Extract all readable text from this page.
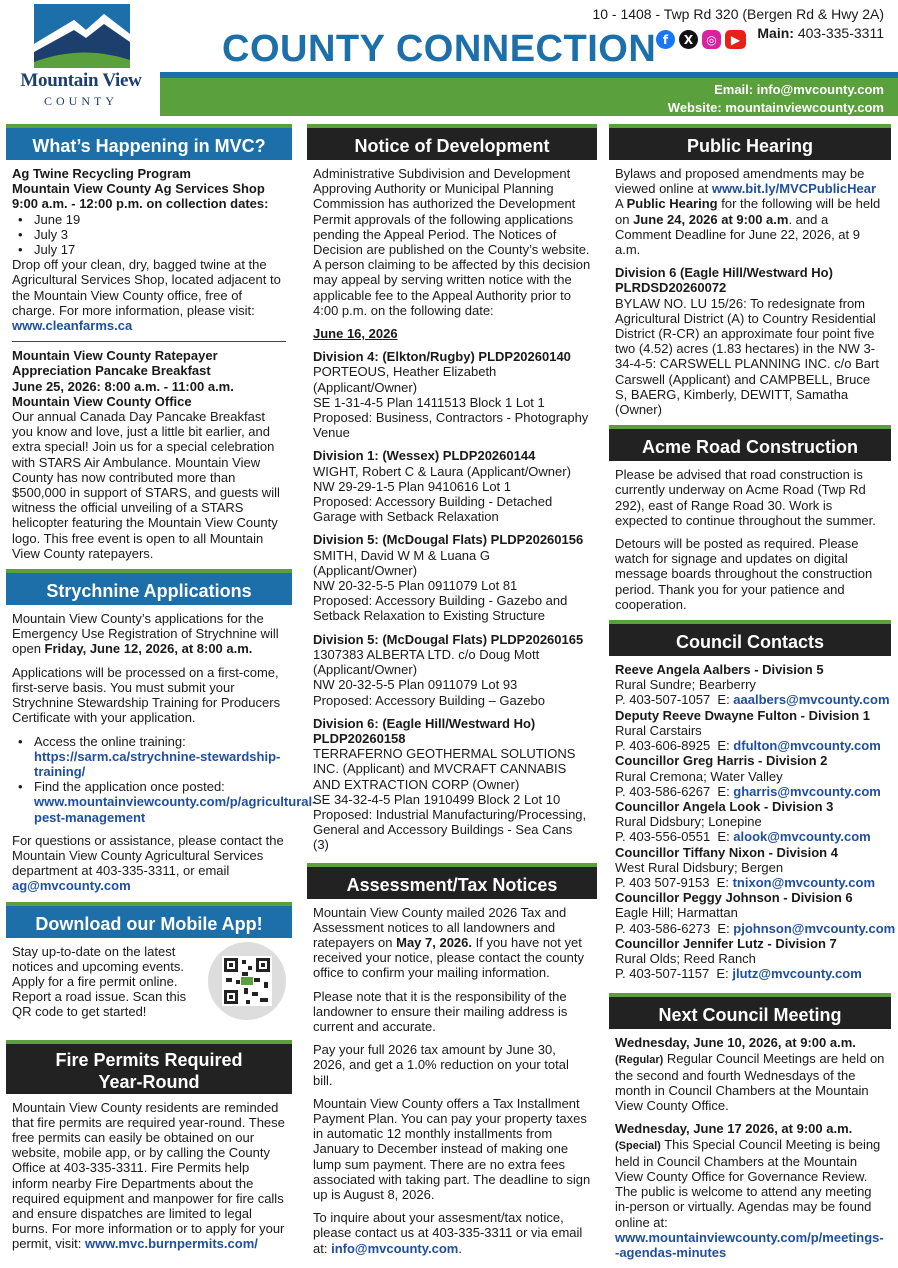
Mountain View
COUNTY
COUNTY CONNECTION
10 - 1408 - Twp Rd 320 (Bergen Rd & Hwy 2A)
Main: 403-335-3311
f	X	◎	▶
Email: info@mvcounty.com
Website: mountainviewcounty.com
What’s Happening in MVC?
Ag Twine Recycling Program
Mountain View County Ag Services Shop
9:00 a.m. - 12:00 p.m. on collection dates:
• June 19
• July 3
• July 17
Drop off your clean, dry, bagged twine at the Agricultural Services Shop, located adjacent to the Mountain View County office, free of charge. For more information, please visit:

www.cleanfarms.ca

Mountain View County Ratepayer Appreciation Pancake Breakfast
June 25, 2026: 8:00 a.m. - 11:00 a.m.
Mountain View County Office

Our annual Canada Day Pancake Breakfast you know and love, just a little bit earlier, and extra special! Join us for a special celebration with STARS Air Ambulance. Mountain View County has now contributed more than $500,000 in support of STARS, and guests will witness the official unveiling of a STARS helicopter featuring the Mountain View County logo. This free event is open to all Mountain View County ratepayers.

Strychnine Applications

Mountain View County’s applications for the Emergency Use Registration of Strychnine will open Friday, June 12, 2026, at 8:00 a.m.

Applications will be processed on a first-come, first-serve basis. You must submit your Strychnine Stewardship Training for Producers Certificate with your application.

• Access the online training: https://sarm.ca/strychnine-stewardship-training/
• Find the application once posted:
www.mountainviewcounty.com/p/agricultural-pest-management

For questions or assistance, please contact the Mountain View County Agricultural Services department at 403-335-3311, or email
ag@mvcounty.com

Download our Mobile App!
Stay up-to-date on the latest notices and upcoming events. Apply for a fire permit online. Report a road issue. Scan this QR code to get started!
Fire Permits Required
Year-Round
Mountain View County residents are reminded that fire permits are required year-round. These free permits can easily be obtained on our website, mobile app, or by calling the County Office at 403-335-3311. Fire Permits help inform nearby Fire Departments about the required equipment and manpower for fire calls and ensure dispatches are limited to legal burns. For more information or to apply for your permit, visit: www.mvc.burnpermits.com/
Notice of Development

Administrative Subdivision and Development Approving Authority or Municipal Planning Commission has authorized the Development Permit approvals of the following applications pending the Appeal Period. The Notices of Decision are published on the County’s website. A person claiming to be affected by this decision may appeal by serving written notice with the applicable fee to the Appeal Authority prior to 4:00 p.m. on the following date:

June 16, 2026

Division 4: (Elkton/Rugby) PLDP20260140
PORTEOUS, Heather Elizabeth (Applicant/Owner)
SE 1-31-4-5 Plan 1411513 Block 1 Lot 1
Proposed: Business, Contractors - Photography Venue
Division 1: (Wessex) PLDP20260144
WIGHT, Robert C & Laura (Applicant/Owner)
NW 29-29-1-5 Plan 9410616 Lot 1
Proposed: Accessory Building - Detached Garage with Setback Relaxation
Division 5: (McDougal Flats) PLDP20260156
SMITH, David W M & Luana G (Applicant/Owner)
NW 20-32-5-5 Plan 0911079 Lot 81
Proposed: Accessory Building - Gazebo and Setback Relaxation to Existing Structure
Division 5: (McDougal Flats) PLDP20260165
1307383 ALBERTA LTD. c/o Doug Mott (Applicant/Owner)
NW 20-32-5-5 Plan 0911079 Lot 93
Proposed: Accessory Building – Gazebo
Division 6: (Eagle Hill/Westward Ho) PLDP20260158
TERRAFERNO GEOTHERMAL SOLUTIONS INC. (Applicant) and MVCRAFT CANNABIS AND EXTRACTION CORP (Owner)
SE 34-32-4-5 Plan 1910499 Block 2 Lot 10
Proposed: Industrial Manufacturing/Processing, General and Accessory Buildings - Sea Cans (3)
Assessment/Tax Notices

Mountain View County mailed 2026 Tax and Assessment notices to all landowners and ratepayers on May 7, 2026. If you have not yet received your notice, please contact the county office to confirm your mailing information.

Please note that it is the responsibility of the landowner to ensure their mailing address is current and accurate.

Pay your full 2026 tax amount by June 30, 2026, and get a 1.0% reduction on your total bill.

Mountain View County offers a Tax Installment Payment Plan. You can pay your property taxes in automatic 12 monthly installments from January to December instead of making one lump sum payment. There are no extra fees associated with taking part. The deadline to sign up is August 8, 2026.

To inquire about your assesment/tax notice, please contact us at 403-335-3311 or via email at: info@mvcounty.com.

Public Hearing

Bylaws and proposed amendments may be viewed online at www.bit.ly/MVCPublicHear
A Public Hearing for the following will be held on June 24, 2026 at 9:00 a.m. and a Comment Deadline for June 22, 2026, at 9 a.m.

Division 6 (Eagle Hill/Westward Ho)
PLRDSD20260072

BYLAW NO. LU 15/26: To redesignate from Agricultural District (A) to Country Residential District (R-CR) an approximate four point five two (4.52) acres (1.83 hectares) in the NW 3-34-4-5: CARSWELL PLANNING INC. c/o Bart Carswell (Applicant) and CAMPBELL, Bruce S, BAERG, Kimberly, DEWITT, Samatha (Owner)

Acme Road Construction

Please be advised that road construction is currently underway on Acme Road (Twp Rd 292), east of Range Road 30. Work is expected to continue throughout the summer.

Detours will be posted as required. Please watch for signage and updates on digital message boards throughout the construction period. Thank you for your patience and cooperation.

Council Contacts
Reeve Angela Aalbers - Division 5
Rural Sundre; Bearberry
P. 403-507-1057  E: aaalbers@mvcounty.com
Deputy Reeve Dwayne Fulton - Division 1
Rural Carstairs
P. 403-606-8925  E: dfulton@mvcounty.com
Councillor Greg Harris - Division 2
Rural Cremona; Water Valley
P. 403-586-6267  E: gharris@mvcounty.com
Councillor Angela Look - Division 3
Rural Didsbury; Lonepine
P. 403-556-0551  E: alook@mvcounty.com
Councillor Tiffany Nixon - Division 4
West Rural Didsbury; Bergen
P. 403 507-9153  E: tnixon@mvcounty.com
Councillor Peggy Johnson - Division 6
Eagle Hill; Harmattan
P. 403-586-6273  E: pjohnson@mvcounty.com
Councillor Jennifer Lutz - Division 7
Rural Olds; Reed Ranch
P. 403-507-1157  E: jlutz@mvcounty.com
Next Council Meeting

Wednesday, June 10, 2026, at 9:00 a.m.
(Regular) Regular Council Meetings are held on the second and fourth Wednesdays of the month in Council Chambers at the Mountain View County Office.

Wednesday, June 17 2026, at 9:00 a.m.
(Special) This Special Council Meeting is being held in Council Chambers at the Mountain View County Office for Governance Review.
The public is welcome to attend any meeting in-person or virtually. Agendas may be found online at: www.mountainviewcounty.com/p/meetings--agendas-minutes
